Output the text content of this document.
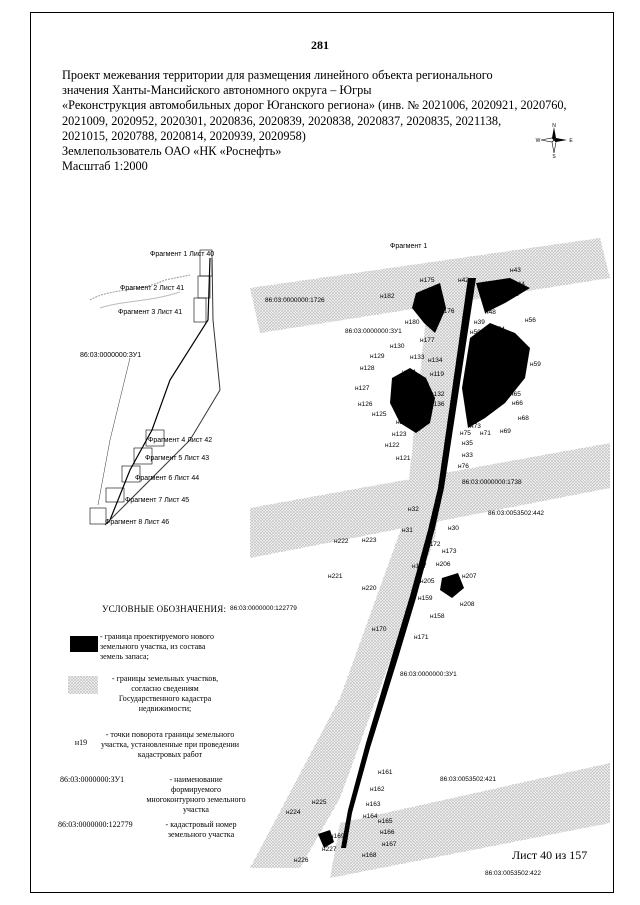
281
Проект межевания территории для размещения линейного объекта регионального
значения Ханты-Мансийского автономного округа – Югры
«Реконструкция автомобильных дорог Юганского региона» (инв. № 2021006, 2020921, 2020760,
2021009, 2020952, 2020301, 2020836, 2020839, 2020838, 2020837, 2020835, 2021138,
2021015, 2020788, 2020814, 2020939, 2020958)
Землепользователь ОАО «НК «Роснефть»
Масштаб 1:2000
N
S
E
W
Фрагмент 1 Лист 40
Фрагмент 2 Лист 41
Фрагмент 3 Лист 41
86:03:0000000:ЗУ1
Фрагмент 4 Лист 42
Фрагмент 5 Лист 43
Фрагмент 6 Лист 44
Фрагмент 7 Лист 45
Фрагмент 8 Лист 46
Фрагмент 1
86:03:0000000:1726
86:03:0000000:ЗУ1
86:03:0000000:1738
86:03:0053502:442
86:03:0000000:122779
86:03:0000000:ЗУ1
86:03:0053502:421
86:03:0053502:422
н175
н176
н182
н180
н177
н130
н129	н133 н134
н128
н131 н119
н127
н132
н126	н136
н125
н124
н123
н122
н121
н42
н43
н44
н45
н46
н48
н39	н56
н50 н54
н51 н55
н59
н63 н61
н65
н66
н68
н73
н75 н71 н69
н35
н33
н76
н32
н31	н30
н172
н173
н157 н206
н207
н205
н208
н159
н158
н170
н171
н222 н223
н221
н220
н161
н162
н163
н164
н165
н166
н167
н168
н169
н225
н224
н227
н226
УСЛОВНЫЕ ОБОЗНАЧЕНИЯ:
- граница проектируемого нового земельного участка, из состава земель запаса;
- границы земельных участков, согласно сведениям Государственного кадастра недвижимости;
н19
- точки поворота границы земельного участка, установленные при проведении кадастровых работ
86:03:0000000:ЗУ1	- наименование формируемого многоконтурного земельного участка
86:03:0000000:122779	- кадастровый номер земельного участка
Лист 40 из 157
